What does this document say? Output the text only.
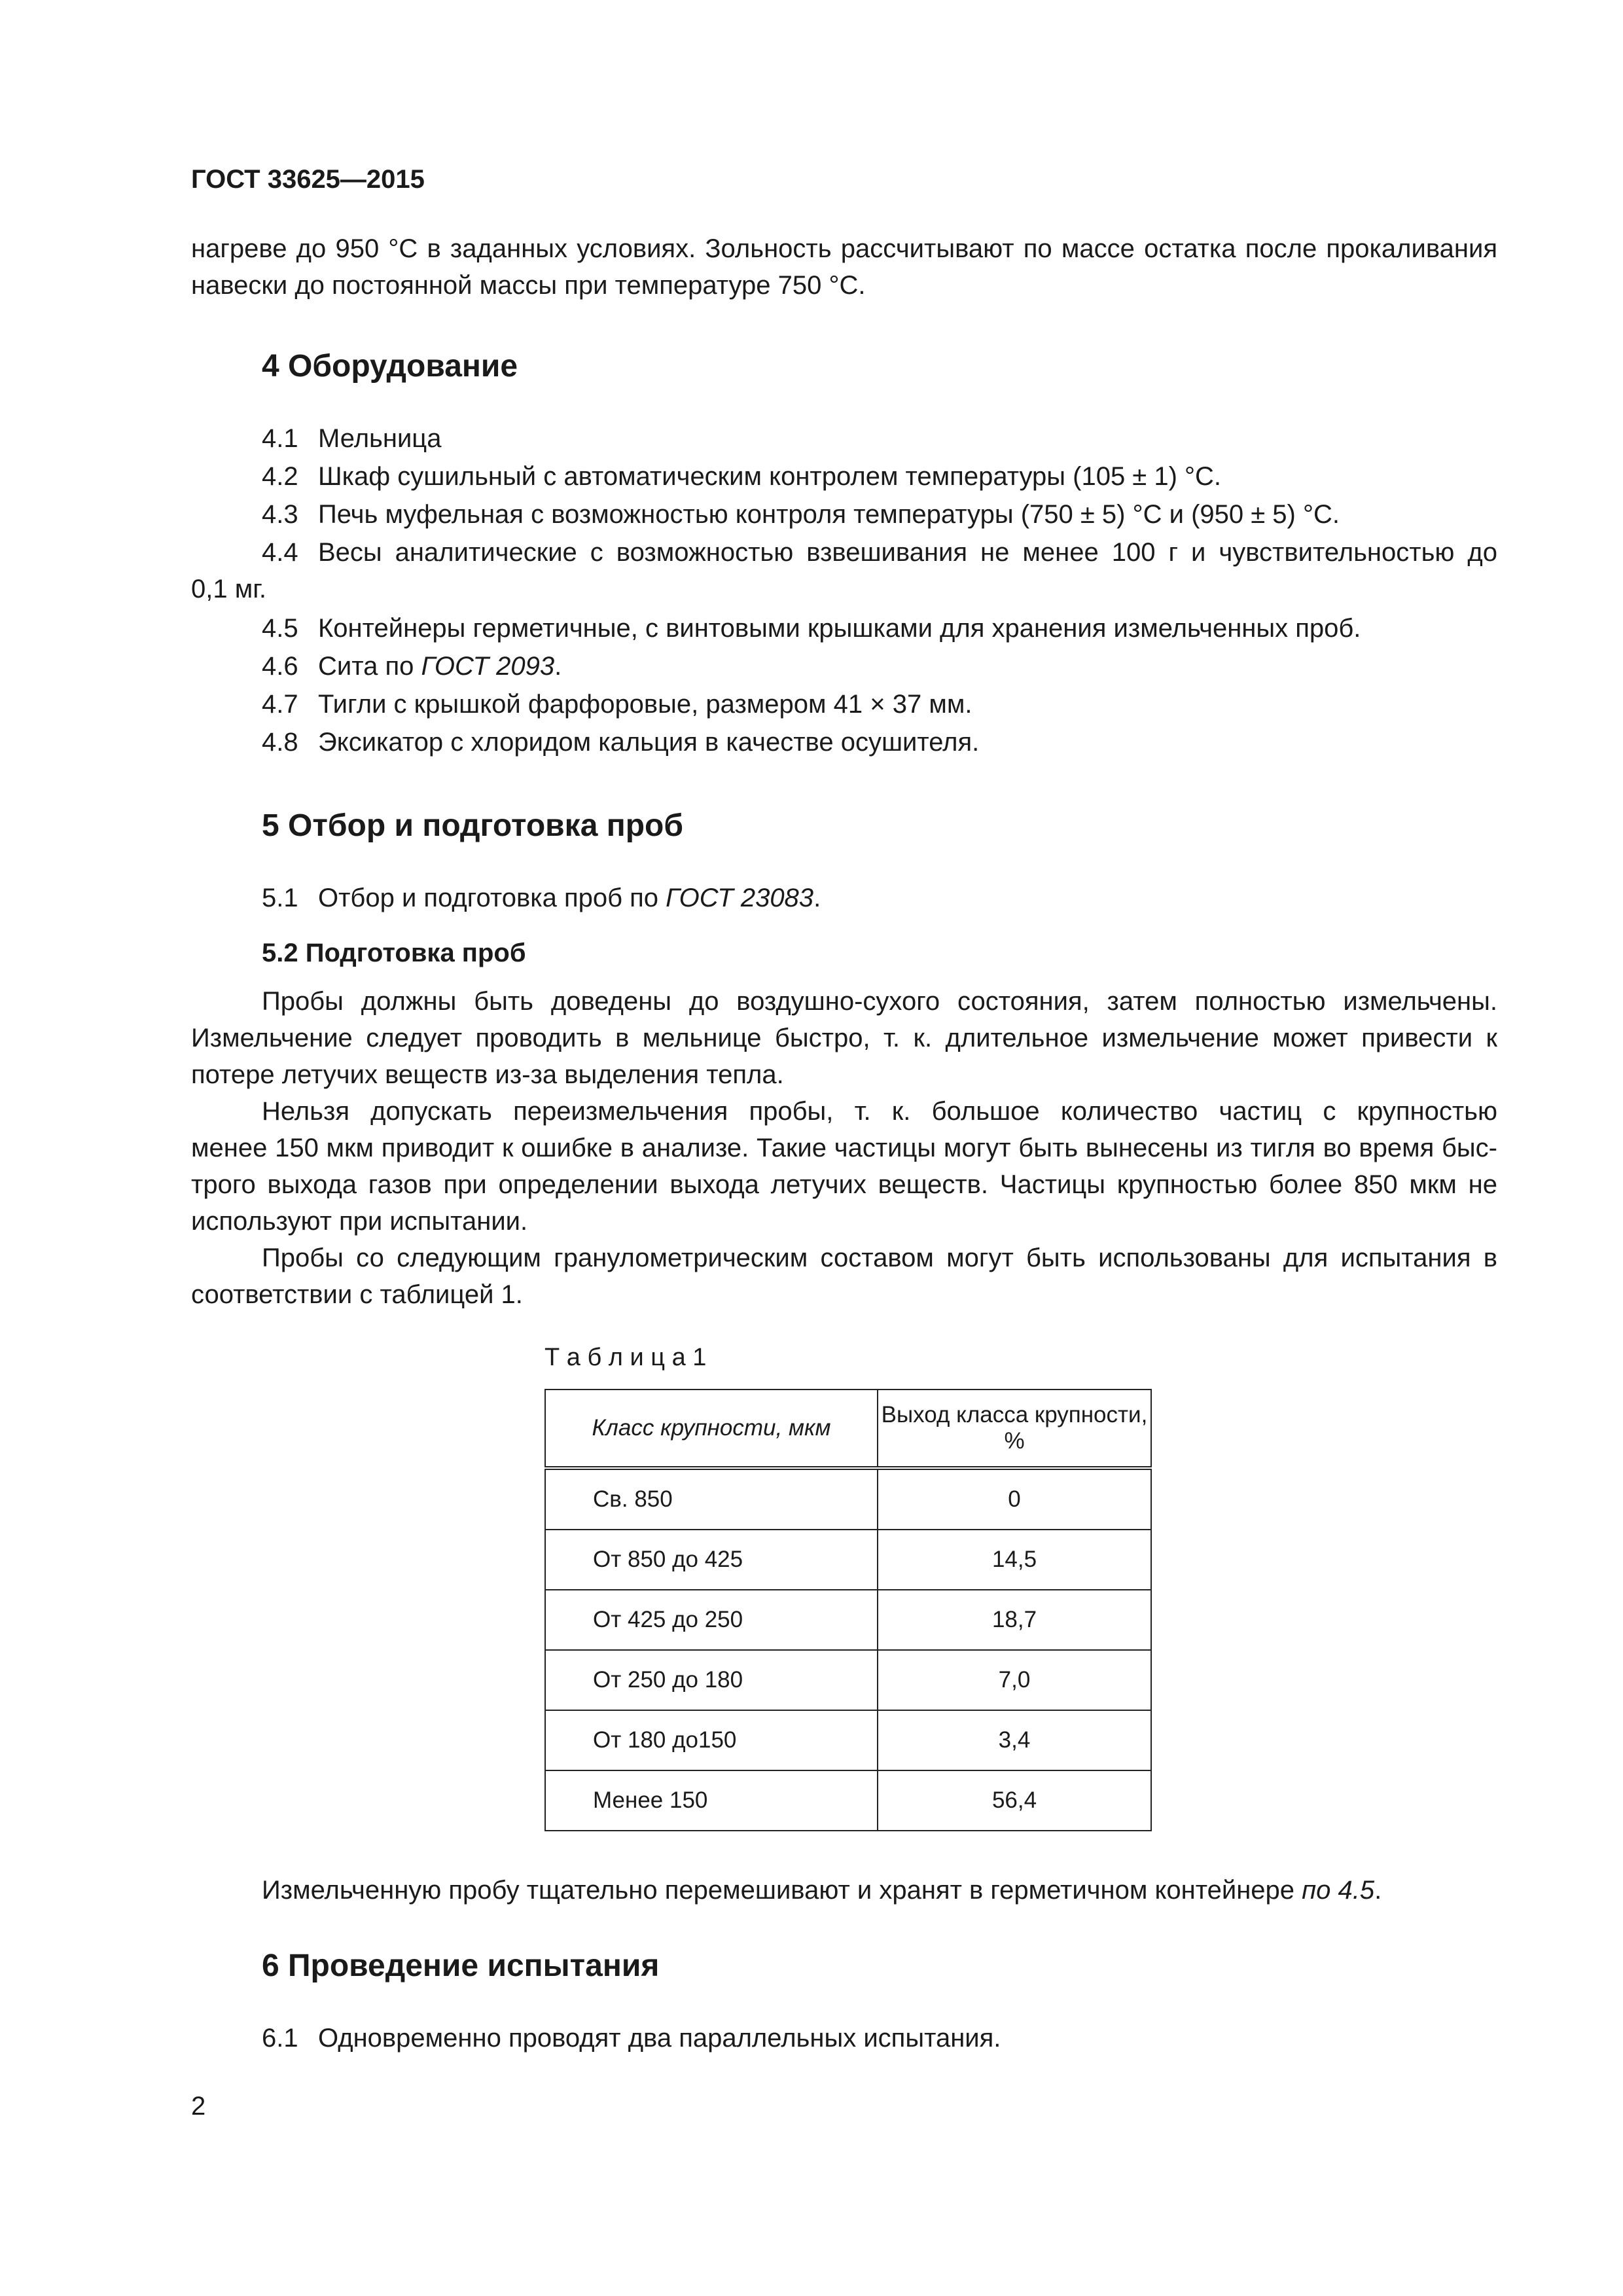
ГОСТ 33625—2015
нагреве до 950 °С в заданных условиях. Зольность рассчитывают по массе остатка после прокаливания
навески до постоянной массы при температуре 750 °С.
4 Оборудование
4.1 Мельница
4.2 Шкаф сушильный с автоматическим контролем температуры (105 ± 1) °С.
4.3 Печь муфельная с возможностью контроля температуры (750 ± 5) °С и (950 ± 5) °С.
4.4 Весы аналитические с возможностью взвешивания не менее 100 г и чувствительностью до
0,1 мг.
4.5 Контейнеры герметичные, с винтовыми крышками для хранения измельченных проб.
4.6 Сита по ГОСТ 2093.
4.7 Тигли с крышкой фарфоровые, размером 41 × 37 мм.
4.8 Эксикатор с хлоридом кальция в качестве осушителя.
5 Отбор и подготовка проб
5.1 Отбор и подготовка проб по ГОСТ 23083.
5.2 Подготовка проб
Пробы должны быть доведены до воздушно-сухого состояния, затем полностью измельчены.
Измельчение следует проводить в мельнице быстро, т. к. длительное измельчение может привести к
потере летучих веществ из-за выделения тепла.
Нельзя допускать переизмельчения пробы, т. к. большое количество частиц с крупностью
менее 150 мкм приводит к ошибке в анализе. Такие частицы могут быть вынесены из тигля во время быс-
трого выхода газов при определении выхода летучих веществ. Частицы крупностью более 850 мкм не
используют при испытании.
Пробы со следующим гранулометрическим составом могут быть использованы для испытания в
соответствии с таблицей 1.
Т а б л и ц а 1
Класс крупности, мкм	Выход класса крупности, %
Св. 850	0
От 850 до 425	14,5
От 425 до 250	18,7
От 250 до 180	7,0
От 180 до150	3,4
Менее 150	56,4
Измельченную пробу тщательно перемешивают и хранят в герметичном контейнере по 4.5.
6 Проведение испытания
6.1 Одновременно проводят два параллельных испытания.
2
